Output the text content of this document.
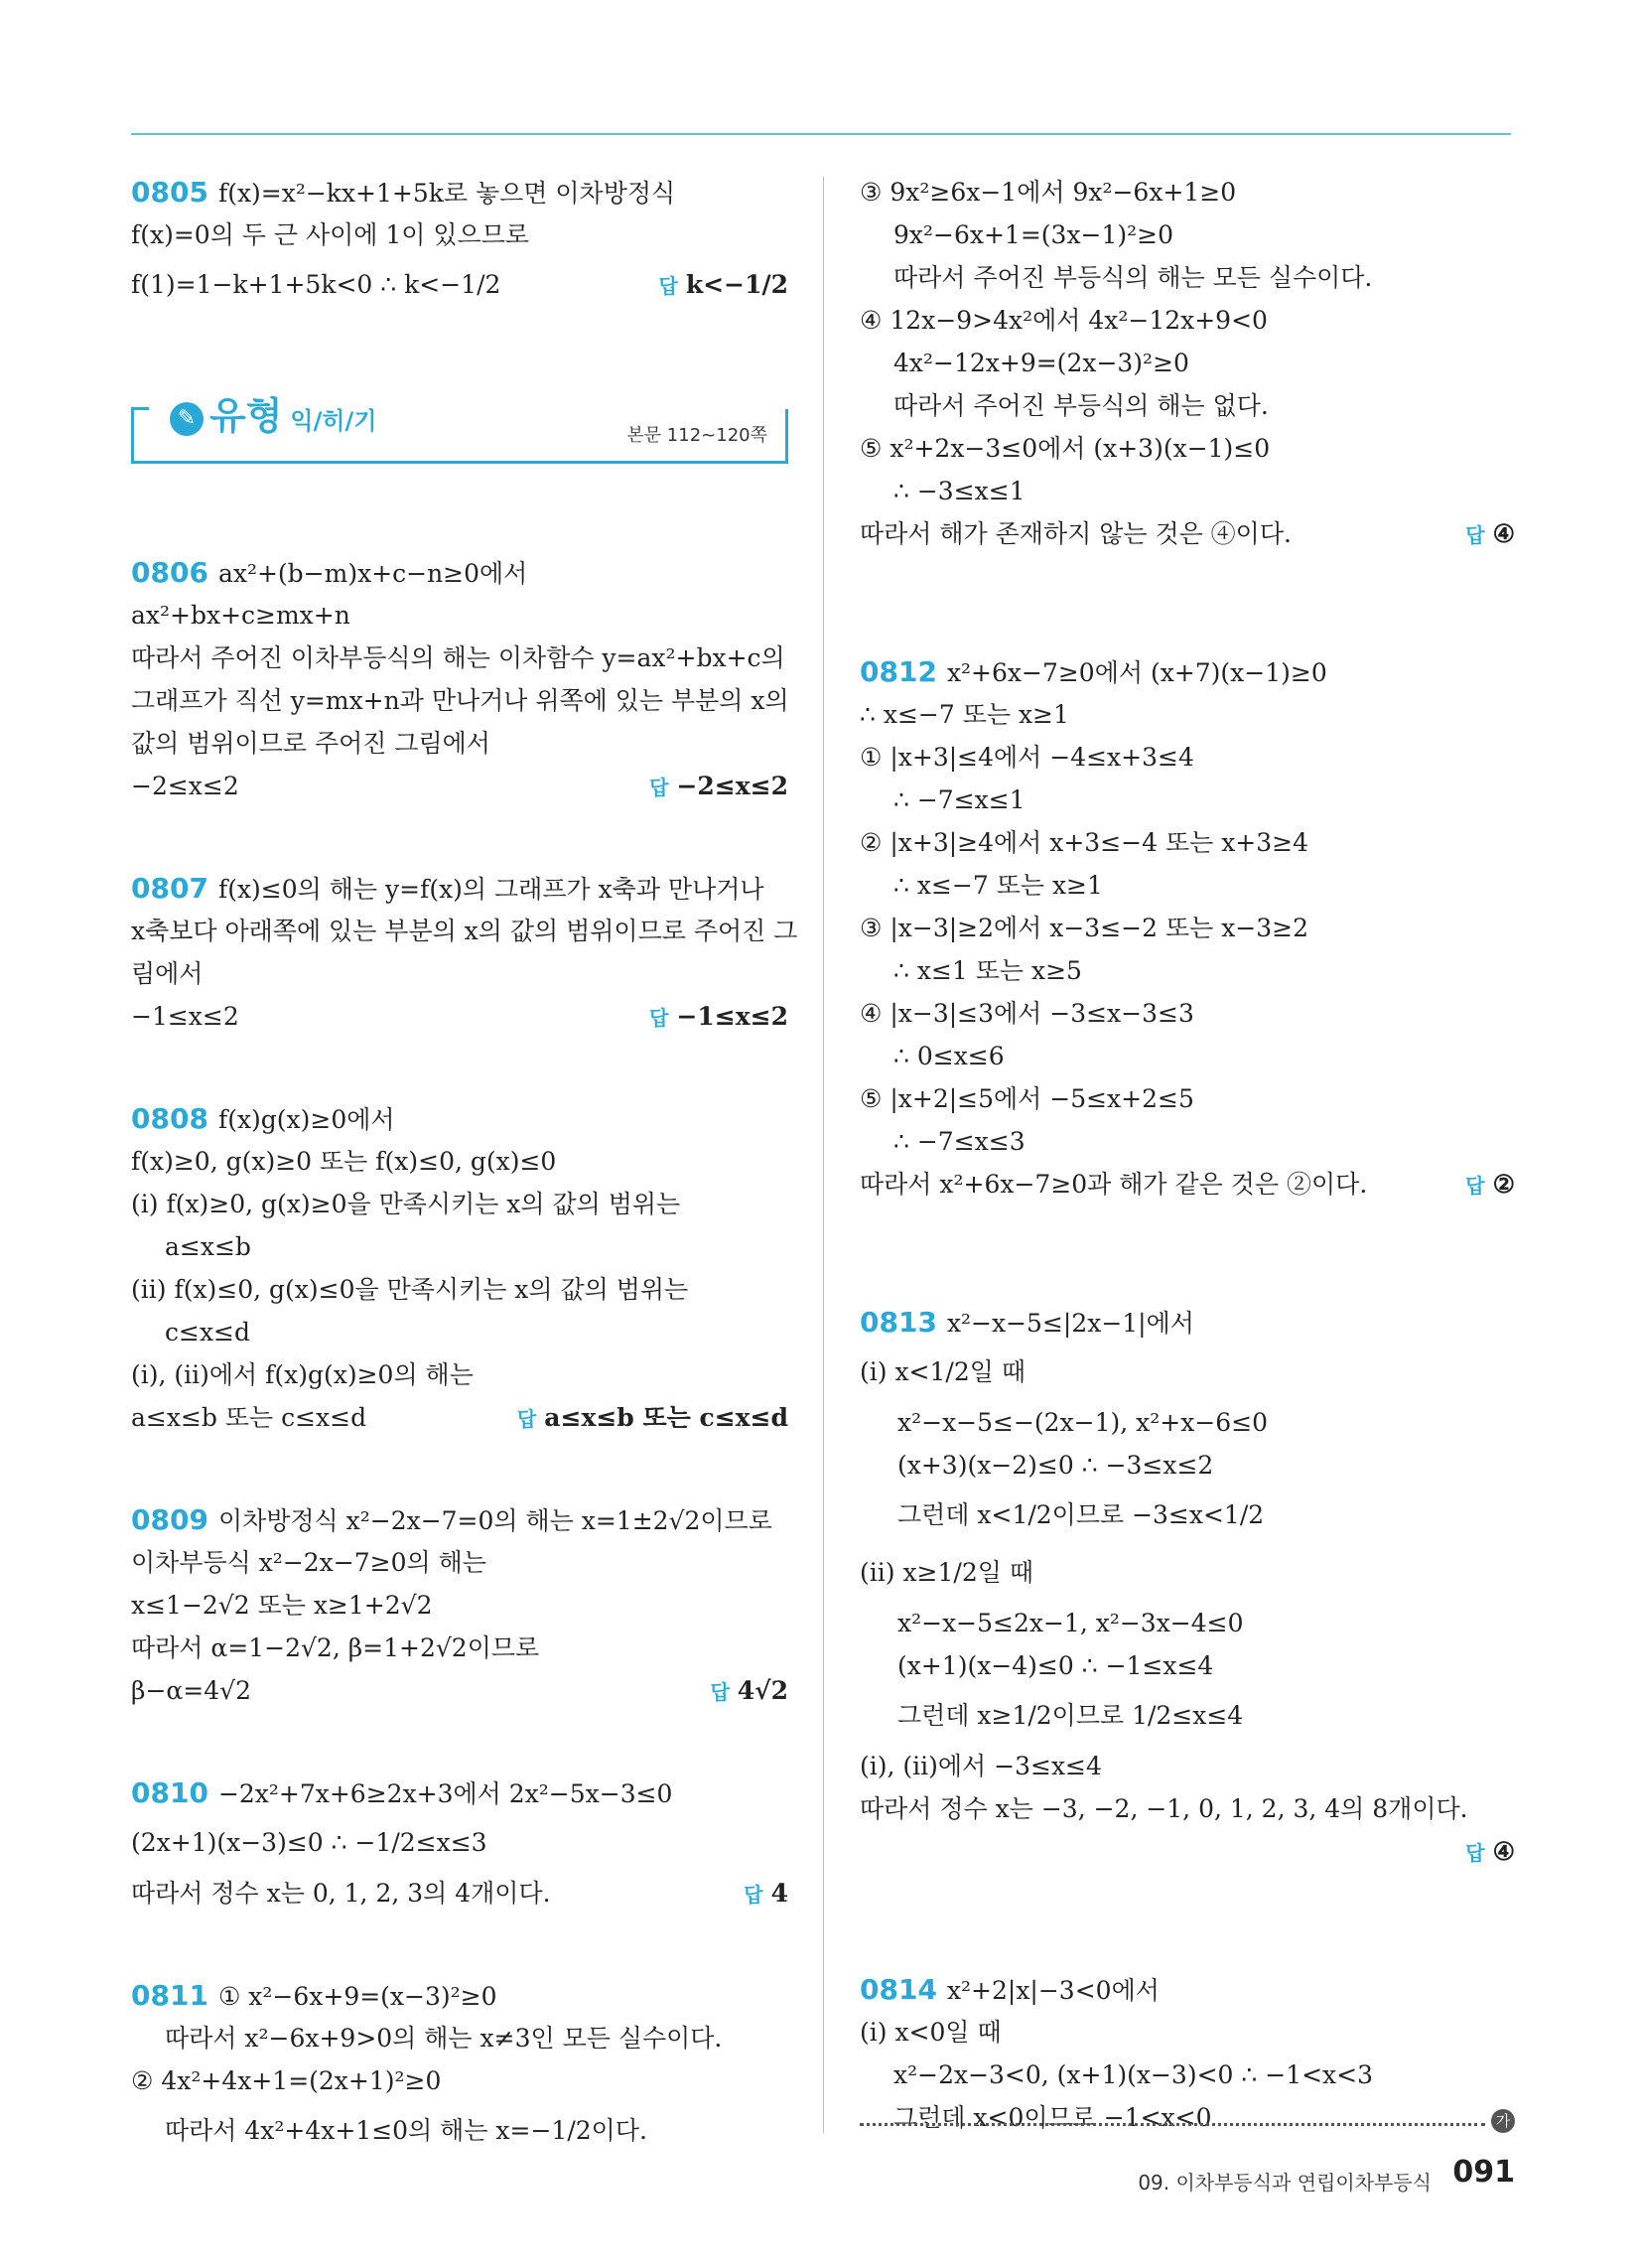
0805 f(x)=x²−kx+1+5k로 놓으면 이차방정식
f(x)=0의 두 근 사이에 1이 있으므로
f(1)=1−k+1+5k<0 ∴ k<−1/2	답 k<−1/2
✎ 유형 익/히/기
본문 112~120쪽
0806 ax²+(b−m)x+c−n≥0에서
ax²+bx+c≥mx+n
따라서 주어진 이차부등식의 해는 이차함수 y=ax²+bx+c의
그래프가 직선 y=mx+n과 만나거나 위쪽에 있는 부분의 x의
값의 범위이므로 주어진 그림에서
−2≤x≤2	답 −2≤x≤2
0807 f(x)≤0의 해는 y=f(x)의 그래프가 x축과 만나거나
x축보다 아래쪽에 있는 부분의 x의 값의 범위이므로 주어진 그
림에서
−1≤x≤2	답 −1≤x≤2
0808 f(x)g(x)≥0에서
f(x)≥0, g(x)≥0 또는 f(x)≤0, g(x)≤0
(i) f(x)≥0, g(x)≥0을 만족시키는 x의 값의 범위는
a≤x≤b
(ii) f(x)≤0, g(x)≤0을 만족시키는 x의 값의 범위는
c≤x≤d
(i), (ii)에서 f(x)g(x)≥0의 해는
a≤x≤b 또는 c≤x≤d	답 a≤x≤b 또는 c≤x≤d
0809 이차방정식 x²−2x−7=0의 해는 x=1±2√2이므로
이차부등식 x²−2x−7≥0의 해는
x≤1−2√2 또는 x≥1+2√2
따라서 α=1−2√2, β=1+2√2이므로
β−α=4√2	답 4√2
0810 −2x²+7x+6≥2x+3에서 2x²−5x−3≤0
(2x+1)(x−3)≤0 ∴ −1/2≤x≤3
따라서 정수 x는 0, 1, 2, 3의 4개이다.	답 4
0811 ① x²−6x+9=(x−3)²≥0
따라서 x²−6x+9>0의 해는 x≠3인 모든 실수이다.
② 4x²+4x+1=(2x+1)²≥0
따라서 4x²+4x+1≤0의 해는 x=−1/2이다.
③ 9x²≥6x−1에서 9x²−6x+1≥0
9x²−6x+1=(3x−1)²≥0
따라서 주어진 부등식의 해는 모든 실수이다.
④ 12x−9>4x²에서 4x²−12x+9<0
4x²−12x+9=(2x−3)²≥0
따라서 주어진 부등식의 해는 없다.
⑤ x²+2x−3≤0에서 (x+3)(x−1)≤0
∴ −3≤x≤1
따라서 해가 존재하지 않는 것은 ④이다.	답 ④
0812 x²+6x−7≥0에서 (x+7)(x−1)≥0
∴ x≤−7 또는 x≥1
① |x+3|≤4에서 −4≤x+3≤4
∴ −7≤x≤1
② |x+3|≥4에서 x+3≤−4 또는 x+3≥4
∴ x≤−7 또는 x≥1
③ |x−3|≥2에서 x−3≤−2 또는 x−3≥2
∴ x≤1 또는 x≥5
④ |x−3|≤3에서 −3≤x−3≤3
∴ 0≤x≤6
⑤ |x+2|≤5에서 −5≤x+2≤5
∴ −7≤x≤3
따라서 x²+6x−7≥0과 해가 같은 것은 ②이다.	답 ②
0813 x²−x−5≤|2x−1|에서
(i) x<1/2일 때
x²−x−5≤−(2x−1), x²+x−6≤0
(x+3)(x−2)≤0 ∴ −3≤x≤2
그런데 x<1/2이므로 −3≤x<1/2
(ii) x≥1/2일 때
x²−x−5≤2x−1, x²−3x−4≤0
(x+1)(x−4)≤0 ∴ −1≤x≤4
그런데 x≥1/2이므로 1/2≤x≤4
(i), (ii)에서 −3≤x≤4
따라서 정수 x는 −3, −2, −1, 0, 1, 2, 3, 4의 8개이다.
답 ④
0814 x²+2|x|−3<0에서
(i) x<0일 때
x²−2x−3<0, (x+1)(x−3)<0 ∴ −1<x<3
그런데 x<0이므로 −1<x<0	가
09. 이차부등식과 연립이차부등식 091
